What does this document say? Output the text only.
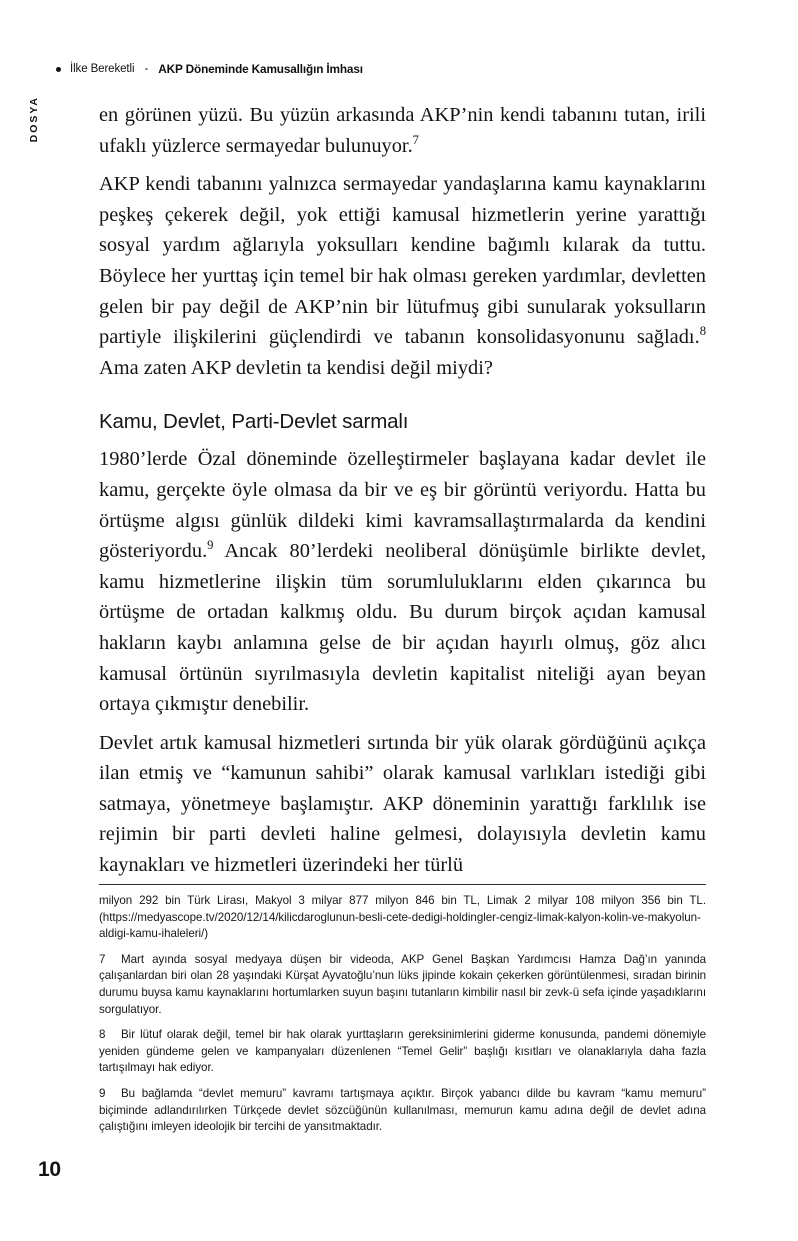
İlke Bereketli - AKP Döneminde Kamusallığın İmhası
DOSYA	en görünen yüzü. Bu yüzün arkasında AKP’nin kendi tabanını tutan, irili ufaklı yüzlerce sermayedar bulunuyor.$^7$

AKP kendi tabanını yalnızca sermayedar yandaşlarına kamu kaynaklarını peşkeş çekerek değil, yok ettiği kamusal hizmetlerin yerine yarattığı sosyal yardım ağlarıyla yoksulları kendine bağımlı kılarak da tuttu. Böylece her yurttaş için temel bir hak olması gereken yardımlar, devletten gelen bir pay değil de AKP’nin bir lütufmuş gibi sunularak yoksulların partiyle ilişkilerini güçlendirdi ve tabanın konsolidasyonunu sağladı.$^8$ Ama zaten AKP devletin ta kendisi değil miydi?

Kamu, Devlet, Parti-Devlet sarmalı

1980’lerde Özal döneminde özelleştirmeler başlayana kadar devlet ile kamu, gerçekte öyle olmasa da bir ve eş bir görüntü veriyordu. Hatta bu örtüşme algısı günlük dildeki kimi kavramsallaştırmalarda da kendini gösteriyordu.$^9$ Ancak 80’lerdeki neoliberal dönüşümle birlikte devlet, kamu hizmetlerine ilişkin tüm sorumluluklarını elden çıkarınca bu örtüşme de ortadan kalkmış oldu. Bu durum birçok açıdan kamusal hakların kaybı anlamına gelse de bir açıdan hayırlı olmuş, göz alıcı kamusal örtünün sıyrılmasıyla devletin kapitalist niteliği ayan beyan ortaya çıkmıştır denebilir.

Devlet artık kamusal hizmetleri sırtında bir yük olarak gördüğünü açıkça ilan etmiş ve “kamunun sahibi” olarak kamusal varlıkları istediği gibi satmaya, yönetmeye başlamıştır. AKP döneminin yarattığı farklılık ise rejimin bir parti devleti haline gelmesi, dolayısıyla devletin kamu kaynakları ve hizmetleri üzerindeki her türlü

milyon 292 bin Türk Lirası, Makyol 3 milyar 877 milyon 846 bin TL, Limak 2 milyar 108 milyon 356 bin TL. (https://medyascope.tv/2020/12/14/kilicdaroglunun-besli-cete-dedigi-holdingler-cengiz-limak-kalyon-kolin-ve-makyolun-aldigi-kamu-ihaleleri/)

7 Mart ayında sosyal medyaya düşen bir videoda, AKP Genel Başkan Yardımcısı Hamza Dağ’ın yanında çalışanlardan biri olan 28 yaşındaki Kürşat Ayvatoğlu’nun lüks jipinde kokain çekerken görüntülenmesi, sıradan birinin durumu buysa kamu kaynaklarını hortumlarken suyun başını tutanların kimbilir nasıl bir zevk-ü sefa içinde yaşadıklarını sorgulatıyor.

8 Bir lütuf olarak değil, temel bir hak olarak yurttaşların gereksinimlerini giderme konusunda, pandemi dönemiyle yeniden gündeme gelen ve kampanyaları düzenlenen “Temel Gelir” başlığı kısıtları ve olanaklarıyla daha fazla tartışılmayı hak ediyor.

9 Bu bağlamda “devlet memuru” kavramı tartışmaya açıktır. Birçok yabancı dilde bu kavram “kamu memuru” biçiminde adlandırılırken Türkçede devlet sözcüğünün kullanılması, memurun kamu adına değil de devlet adına çalıştığını imleyen ideolojik bir tercihi de yansıtmaktadır.

10
